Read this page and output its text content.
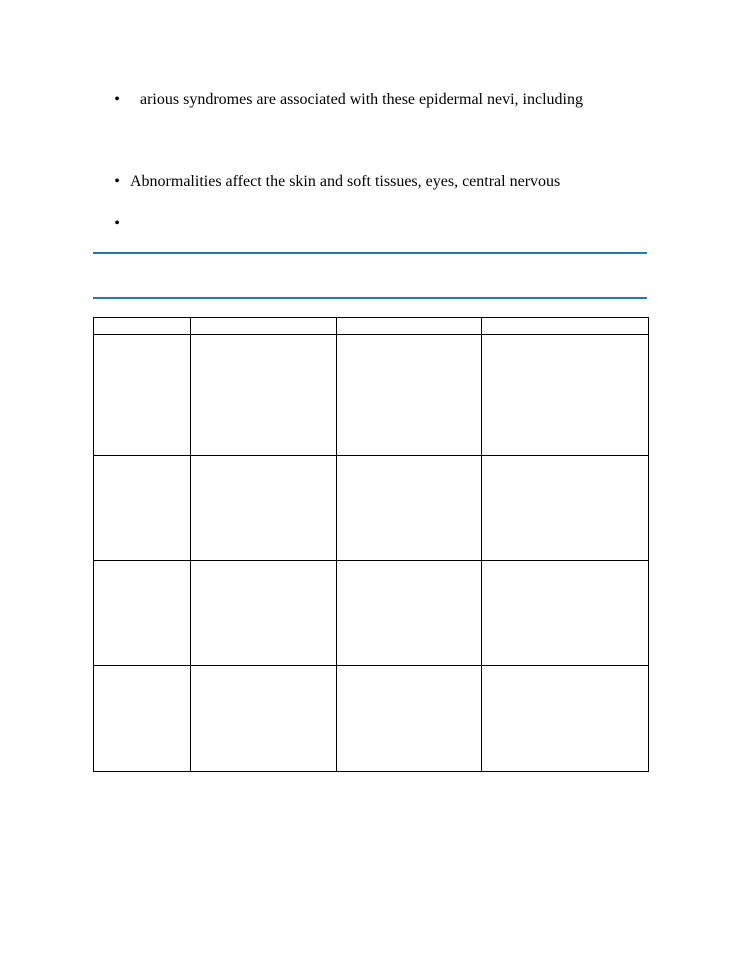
• arious syndromes are associated with these epidermal nevi, including
• Abnormalities affect the skin and soft tissues, eyes, central nervous
•
